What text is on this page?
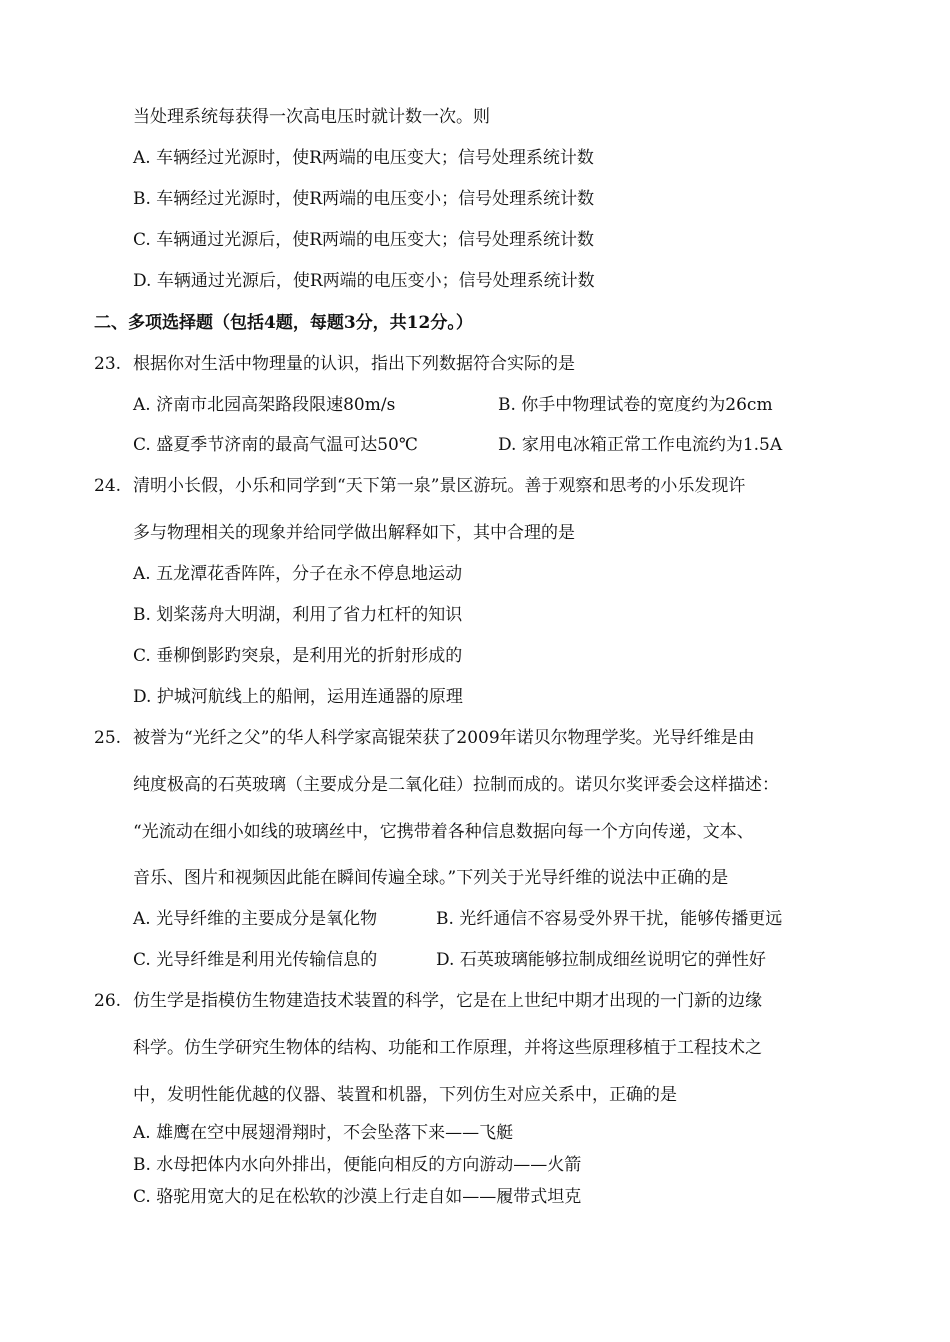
当处理系统每获得一次高电压时就计数一次。则
A. 车辆经过光源时，使R两端的电压变大；信号处理系统计数
B. 车辆经过光源时，使R两端的电压变小；信号处理系统计数
C. 车辆通过光源后，使R两端的电压变大；信号处理系统计数
D. 车辆通过光源后，使R两端的电压变小；信号处理系统计数
二、多项选择题（包括4题，每题3分，共12分。）
23. 根据你对生活中物理量的认识，指出下列数据符合实际的是
A. 济南市北园高架路段限速80m/s	B. 你手中物理试卷的宽度约为26cm
C. 盛夏季节济南的最高气温可达50℃	D. 家用电冰箱正常工作电流约为1.5A
24. 清明小长假，小乐和同学到“天下第一泉”景区游玩。善于观察和思考的小乐发现许
多与物理相关的现象并给同学做出解释如下，其中合理的是
A. 五龙潭花香阵阵，分子在永不停息地运动
B. 划桨荡舟大明湖，利用了省力杠杆的知识
C. 垂柳倒影趵突泉，是利用光的折射形成的
D. 护城河航线上的船闸，运用连通器的原理
25. 被誉为“光纤之父”的华人科学家高锟荣获了2009年诺贝尔物理学奖。光导纤维是由
纯度极高的石英玻璃（主要成分是二氧化硅）拉制而成的。诺贝尔奖评委会这样描述：
“光流动在细小如线的玻璃丝中，它携带着各种信息数据向每一个方向传递，文本、
音乐、图片和视频因此能在瞬间传遍全球。”下列关于光导纤维的说法中正确的是
A. 光导纤维的主要成分是氧化物	B. 光纤通信不容易受外界干扰，能够传播更远
C. 光导纤维是利用光传输信息的	D. 石英玻璃能够拉制成细丝说明它的弹性好
26. 仿生学是指模仿生物建造技术装置的科学，它是在上世纪中期才出现的一门新的边缘
科学。仿生学研究生物体的结构、功能和工作原理，并将这些原理移植于工程技术之
中，发明性能优越的仪器、装置和机器，下列仿生对应关系中，正确的是
A. 雄鹰在空中展翅滑翔时，不会坠落下来——飞艇
B. 水母把体内水向外排出，便能向相反的方向游动——火箭
C. 骆驼用宽大的足在松软的沙漠上行走自如——履带式坦克
